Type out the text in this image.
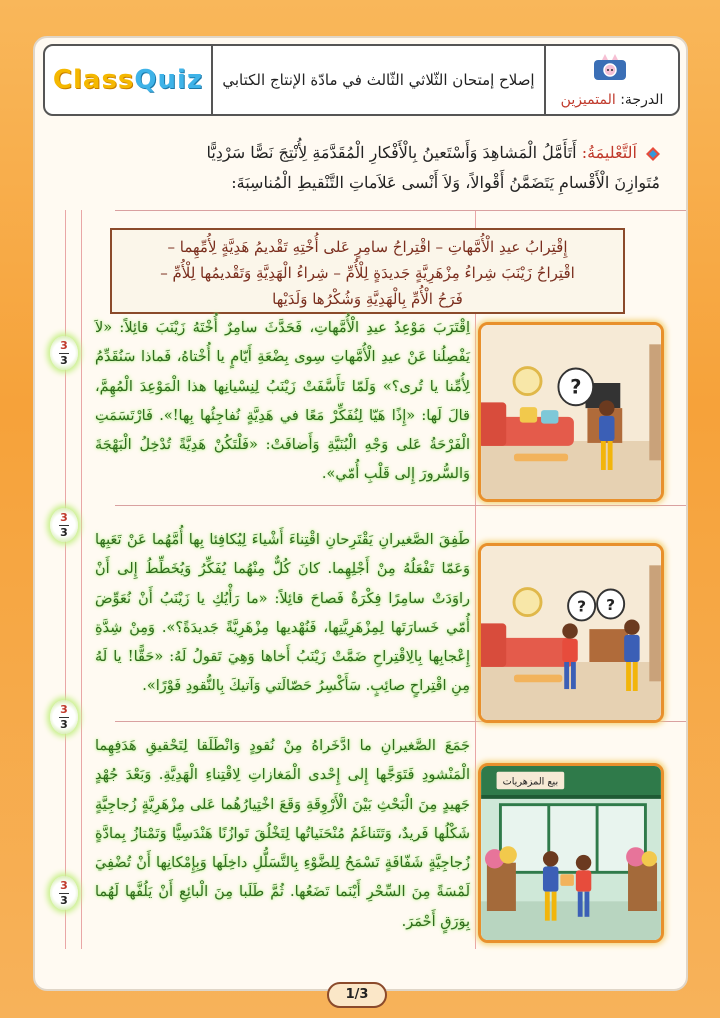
ClassQuiz إصلاح إمتحان الثّلاثي الثّالث في مادّة الإنتاج الكتابي
الدرجة: المتميزين
اَلتَّعْليمَةُ: أَتَأَمَّلُ الْمَشاهِدَ وَأَسْتَعينُ بِالْأَفْكارِ الْمُقَدَّمَةِ لِأُنْتِجَ نَصًّا سَرْدِيًّا
مُتَوازِنَ الْأَقْسامِ يَتَضَمَّنُ أَقْوالاً، وَلاَ أَنْسى عَلاَماتِ التَّنْقيطِ الْمُناسِبَةَ:
إِقْتِرابُ عيدِ الْأُمَّهاتِ – اقْتِراحُ سامِرٍ عَلى أُخْتِهِ تَقْديمُ هَدِيَّةٍ لِأُمِّهِما –
اقْتِراحُ زَيْنَبَ شِراءُ مِزْهَرِيَّةٍ جَديدَةٍ لِلْأُمِّ – شِراءُ الْهَدِيَّةِ وَتَقْديمُها لِلْأُمِّ –
فَرَحُ الْأُمِّ بِالْهَدِيَّةِ وَشُكْرُها وَلَدَيْها
3
3
3
3
3
3
3
3
اِقْتَرَبَ مَوْعِدُ عيدِ الْأُمَّهاتِ، فَحَدَّثَ سامِرٌ أُخْتَهُ زَيْنَبَ قائِلاً: «لاَ يَفْصِلُنا عَنْ عيدِ الْأُمَّهاتِ سِوى بِضْعَةِ أَيّامٍ يا أُخْتاهُ، فَماذا سَنُقَدِّمُ لِأُمِّنا يا تُرى؟» وَلَمّا تَأَسَّفَتْ زَيْنَبُ لِنِسْيانِها هذا الْمَوْعِدَ الْمُهِمَّ، قالَ لَها: «إِذًا هَيّا لِنُفَكِّرْ مَعًا في هَدِيَّةٍ نُفاجِئُها بِها!». فَارْتَسَمَتِ الْفَرْحَةُ عَلى وَجْهِ الْبُنَيَّةِ وَأَضافَتْ: «فَلْتَكُنْ هَدِيَّةً تُدْخِلُ الْبَهْجَةَ وَالسُّرورَ إِلى قَلْبِ أُمّي».
طَفِقَ الصَّغيرانِ يَقْتَرِحانِ اقْتِناءَ أَشْياءَ لِيُكافِئا بِها أُمَّهُما عَنْ تَعَبِها وَعَمّا تَفْعَلُهُ مِنْ أَجْلِهِما. كانَ كُلٌّ مِنْهُما يُفَكِّرُ وَيُخَطِّطُ إِلى أَنْ راوَدَتْ سامِرًا فِكْرَةٌ فَصاحَ قائِلاً: «ما رَأْيُكِ يا زَيْنَبُ أَنْ نُعَوِّضَ أُمّي خَسارَتَها لِمِزْهَرِيَّتِها، فَنُهْديها مِزْهَرِيَّةً جَديدَةً؟». وَمِنْ شِدَّةِ إِعْجابِها بِالِاقْتِراحِ ضَمَّتْ زَيْنَبُ أَخاها وَهِيَ تَقولُ لَهُ: «حَقًّا! يا لَهُ مِنِ اقْتِراحٍ صائِبٍ. سَأَكْسِرُ حَصّالَتي وَآتيكَ بِالنُّقودِ فَوْرًا».
جَمَعَ الصَّغيرانِ ما ادَّخَراهُ مِنْ نُقودٍ وَانْطَلَقا لِتَحْقيقِ هَدَفِهِما الْمَنْشودِ فَتَوَجَّها إِلى إِحْدى الْمَغازاتِ لِاقْتِناءِ الْهَدِيَّةِ. وَبَعْدَ جُهْدٍ جَهيدٍ مِنَ الْبَحْثِ بَيْنَ الْأَرْوِقَةِ وَقَعَ اخْتِيارُهُما عَلى مِزْهَرِيَّةٍ زُجاجِيَّةٍ شَكْلُها فَريدٌ، وَتَتَناغَمُ مُنْحَنَياتُها لِتَخْلُقَ تَوازُنًا هَنْدَسِيًّا وَتَمْتازُ بِمادَّةٍ زُجاجِيَّةٍ شَفّافَةٍ تَسْمَحُ لِلضَّوْءِ بِالتَّسَلُّلِ داخِلَها وَبِإِمْكانِها أَنْ تُضْفِيَ لَمْسَةً مِنَ السِّحْرِ أَيْنَما تَضَعُها. ثُمَّ طَلَبا مِنَ الْبائِعِ أَنْ يَلُفَّها لَهُما بِوَرَقٍ أَحْمَرَ.
?
? ?
بيع المزهريات
1/3
